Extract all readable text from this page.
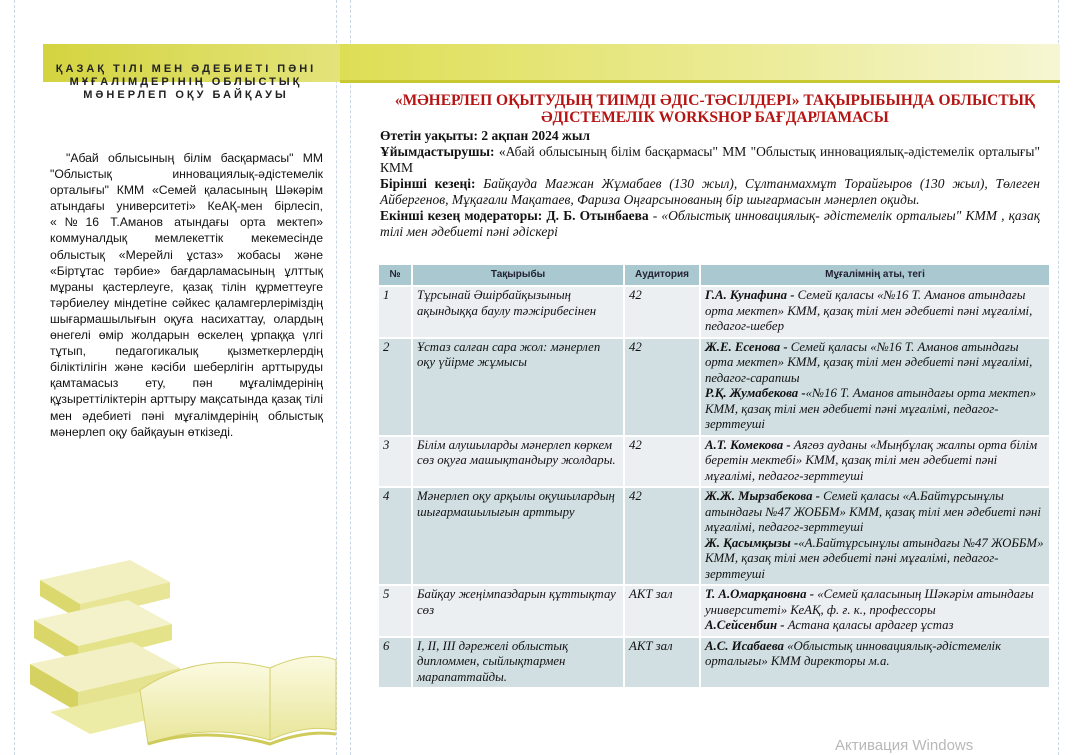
ҚАЗАҚ ТІЛІ МЕН ӘДЕБИЕТІ ПӘНІ МҰҒАЛІМДЕРІНІҢ ОБЛЫСТЫҚ МӘНЕРЛЕП ОҚУ БАЙҚАУЫ
"Абай облысының білім басқармасы" ММ "Облыстық инновациялық-әдістемелік орталығы" КММ «Семей қаласының Шәкәрім атындағы университеті» КеАҚ-мен бірлесіп, «№16 Т.Аманов атындағы орта мектеп» коммуналдық мемлекеттік мекемесінде облыстық «Мерейлі ұстаз» жобасы және «Біртұтас тәрбие» бағдарламасының ұлттық мұраны қастерлеуге, қазақ тілін құрметтеуге тәрбиелеу міндетіне сәйкес қаламгерлеріміздің шығармашылығын оқуға насихаттау, олардың өнегелі өмір жолдарын өскелең ұрпаққа үлгі тұтып, педагогикалық қызметкерлердің біліктілігін және кәсіби шеберлігін арттыруды қамтамасыз ету, пән мұғалімдерінің құзыреттіліктерін арттыру мақсатында қазақ тілі мен әдебиеті пәні мұғалімдерінің облыстық мәнерлеп оқу байқауын өткізеді.
«МӘНЕРЛЕП ОҚЫТУДЫҢ ТИІМДІ ӘДІС-ТӘСІЛДЕРІ» ТАҚЫРЫБЫНДА ОБЛЫСТЫҚ ӘДІСТЕМЕЛІК WORKSHOP БАҒДАРЛАМАСЫ

Өтетін уақыты: 2 ақпан 2024 жыл

Ұйымдастырушы: «Абай облысының білім басқармасы" ММ "Облыстық инновациялық-әдістемелік орталығы" КММ

Бірінші кезеңі: Байқауда Мағжан Жұмабаев (130 жыл), Сұлтанмахмұт Торайғыров (130 жыл), Төлеген Айбергенов, Мұқағали Мақатаев, Фариза Оңғарсынованың бір шығармасын мәнерлеп оқиды.

Екінші кезең модераторы: Д. Б. Отынбаева - «Облыстық инновациялық- әдістемелік орталығы" КММ , қазақ тілі мен әдебиеті пәні әдіскері

№	Тақырыбы	Аудитория	Мұғалімнің аты, тегі
1	Тұрсынай Әшірбайқызының ақындыққа баулу тәжірибесінен	42	Г.А. Кунафина - Семей қаласы «№16 Т. Аманов атындағы орта мектеп» КММ, қазақ тілі мен әдебиеті пәні мұғалімі, педагог-шебер

2	Ұстаз салған сара жол: мәнерлеп оқу үйірме жұмысы	42	Ж.Е. Есенова - Семей қаласы «№16 Т. Аманов атындағы орта мектеп» КММ, қазақ тілі мен әдебиеті пәні мұғалімі, педагог-сарапшы
Р.Қ. Жумабекова -«№16 Т. Аманов атындағы орта мектеп» КММ, қазақ тілі мен әдебиеті пәні мұғалімі, педагог-зерттеуші

3	Білім алушыларды мәнерлеп көркем сөз оқуға машықтандыру жолдары.	42	А.Т. Комекова - Аягөз ауданы «Мыңбұлақ жалпы орта білім беретін мектебі» КММ, қазақ тілі мен әдебиеті пәні мұғалімі, педагог-зерттеуші

4	Мәнерлеп оқу арқылы оқушылардың шығармашылығын арттыру	42	Ж.Ж. Мырзабекова - Семей қаласы «А.Байтұрсынұлы атындағы №47 ЖОББМ» КММ, қазақ тілі мен әдебиеті пәні мұғалімі, педагог-зерттеуші
Ж. Қасымқызы -«А.Байтұрсынұлы атындағы №47 ЖОББМ» КММ, қазақ тілі мен әдебиеті пәні мұғалімі, педагог-зерттеуші

5	Байқау жеңімпаздарын құттықтау сөз	АКТ зал	Т. А.Омарқановна - «Семей қаласының Шәкәрім атындағы университеті» КеАҚ, ф. ғ. к., профессоры
А.Сейсенбин - Астана қаласы ардагер ұстаз

6	I, II, III дәрежелі облыстық дипломмен, сыйлықтармен марапаттайды.	АКТ зал	А.С. Исабаева «Облыстық инновациялық-әдістемелік орталығы» КММ директоры м.а.
Активация Windows
